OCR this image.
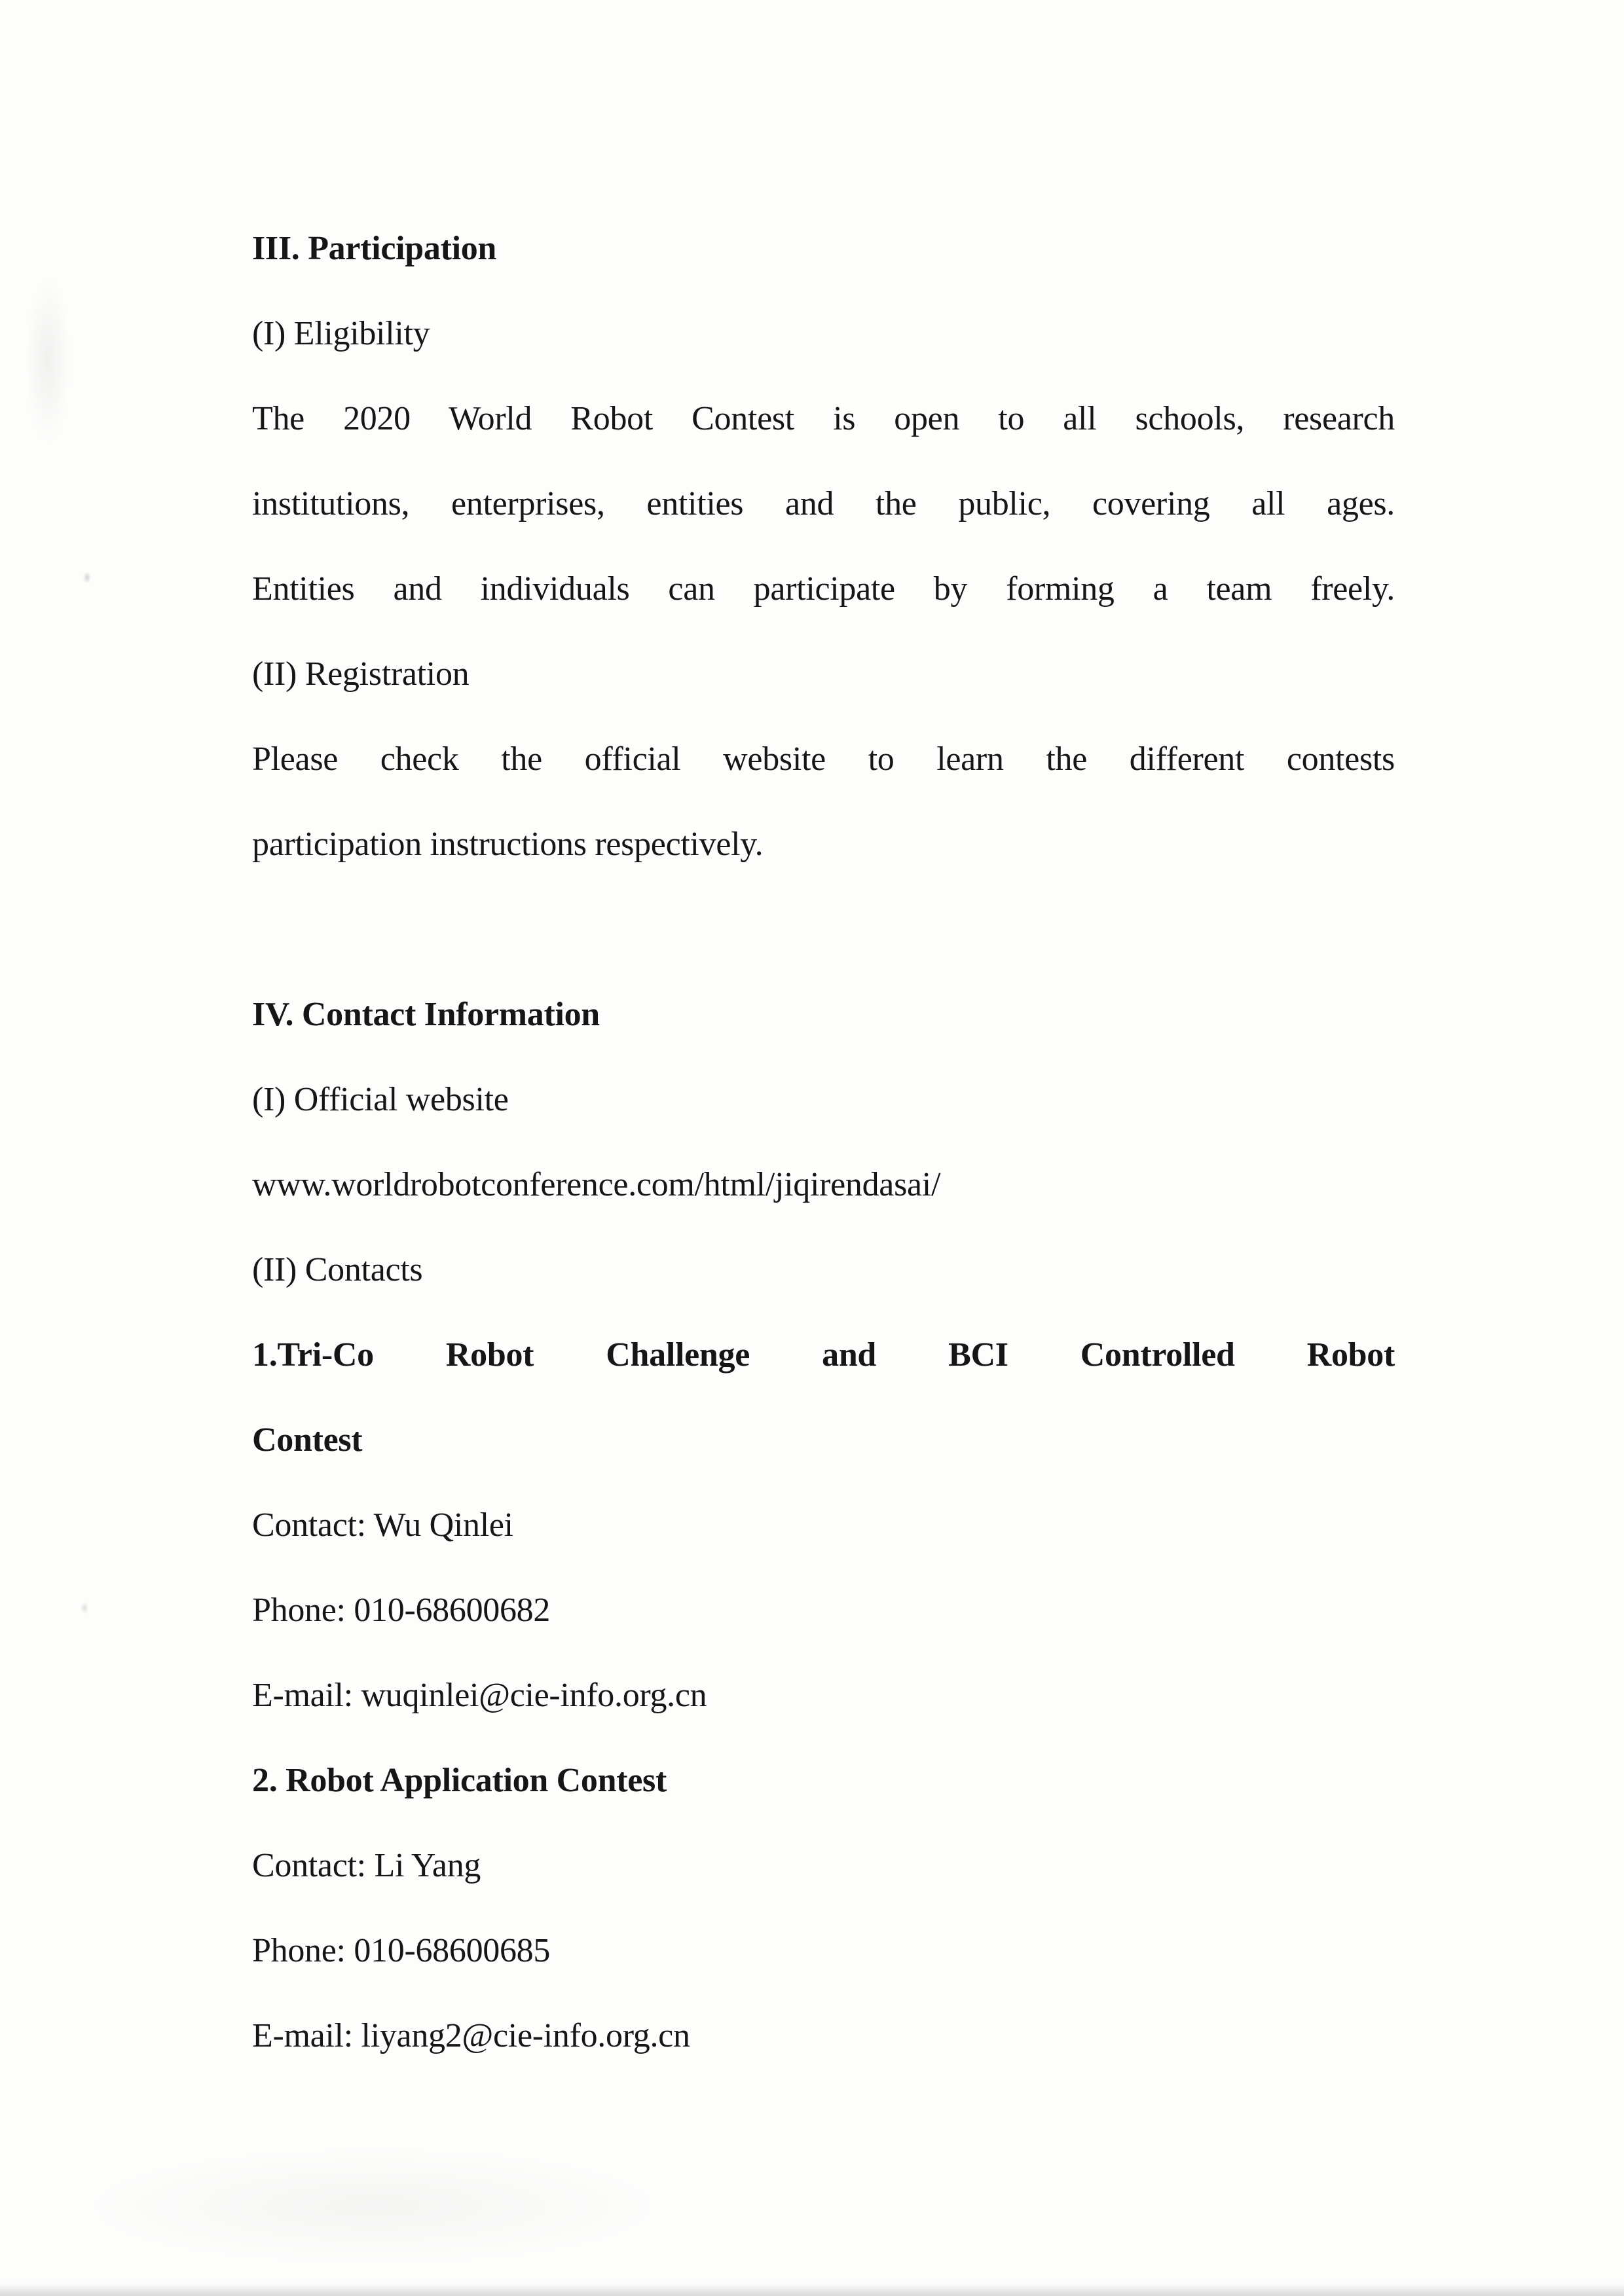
III. Participation
(I) Eligibility
The 2020 World Robot Contest is open to all schools, research
institutions, enterprises, entities and the public, covering all ages.
Entities and individuals can participate by forming a team freely.
(II) Registration
Please check the official website to learn the different contests
participation instructions respectively.
IV. Contact Information
(I) Official website
www.worldrobotconference.com/html/jiqirendasai/
(II) Contacts
1.Tri-Co Robot Challenge and BCI Controlled Robot
Contest
Contact: Wu Qinlei
Phone: 010-68600682
E-mail: wuqinlei@cie-info.org.cn
2. Robot Application Contest
Contact: Li Yang
Phone: 010-68600685
E-mail: liyang2@cie-info.org.cn
